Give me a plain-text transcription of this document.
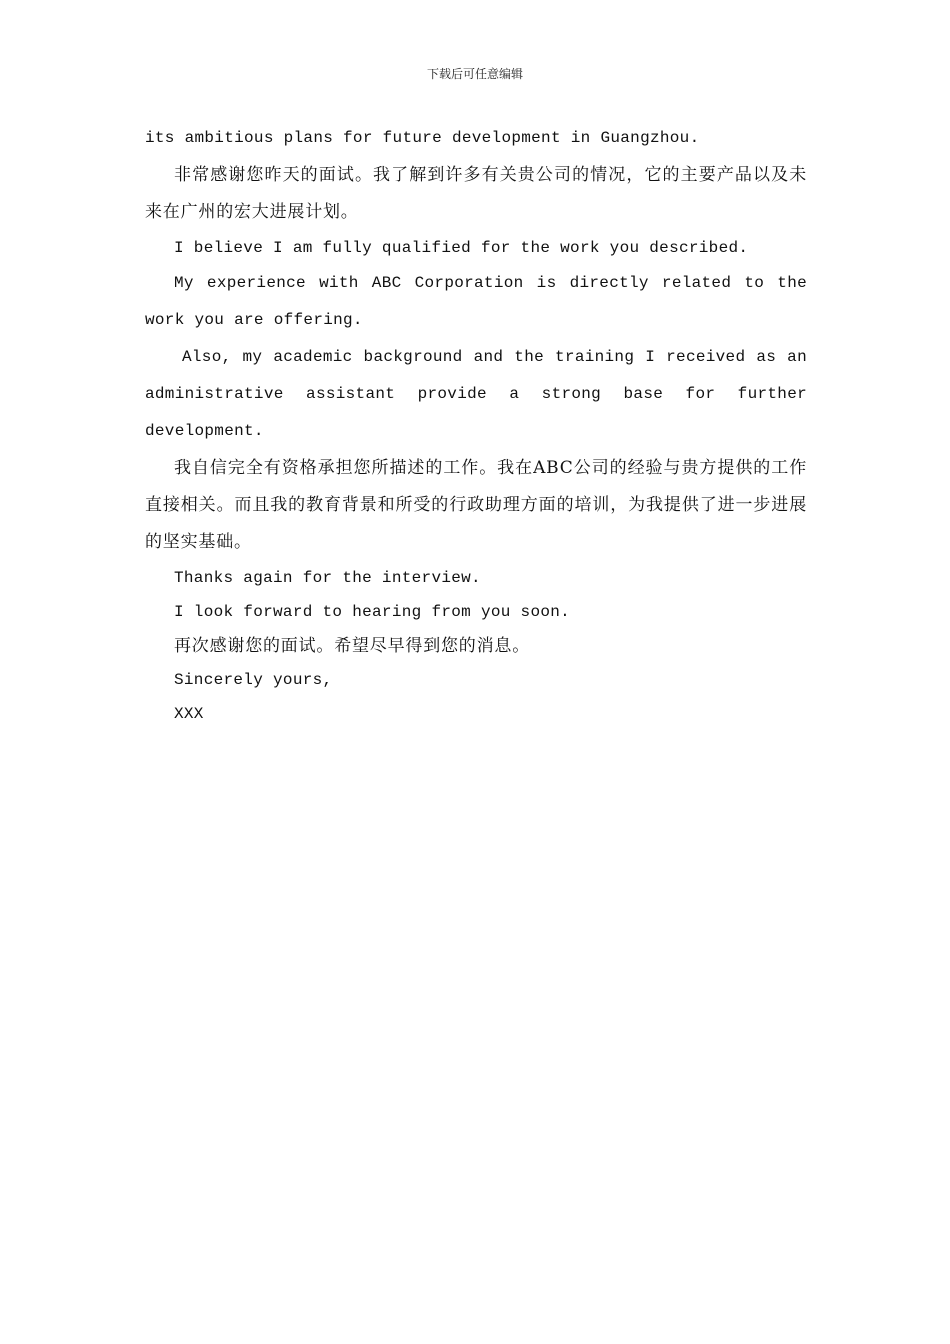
下载后可任意编辑

its ambitious plans for future development in Guangzhou.

非常感谢您昨天的面试。我了解到许多有关贵公司的情况，它的主要产品以及未来在广州的宏大进展计划。

I believe I am fully qualified for the work you described.

My experience with ABC Corporation is directly related to the work you are offering.

Also, my academic background and the training I received as an administrative assistant provide a strong base for further development.

我自信完全有资格承担您所描述的工作。我在ABC公司的经验与贵方提供的工作直接相关。而且我的教育背景和所受的行政助理方面的培训，为我提供了进一步进展的坚实基础。

Thanks again for the interview.

I look forward to hearing from you soon.

再次感谢您的面试。希望尽早得到您的消息。

Sincerely yours,

XXX
